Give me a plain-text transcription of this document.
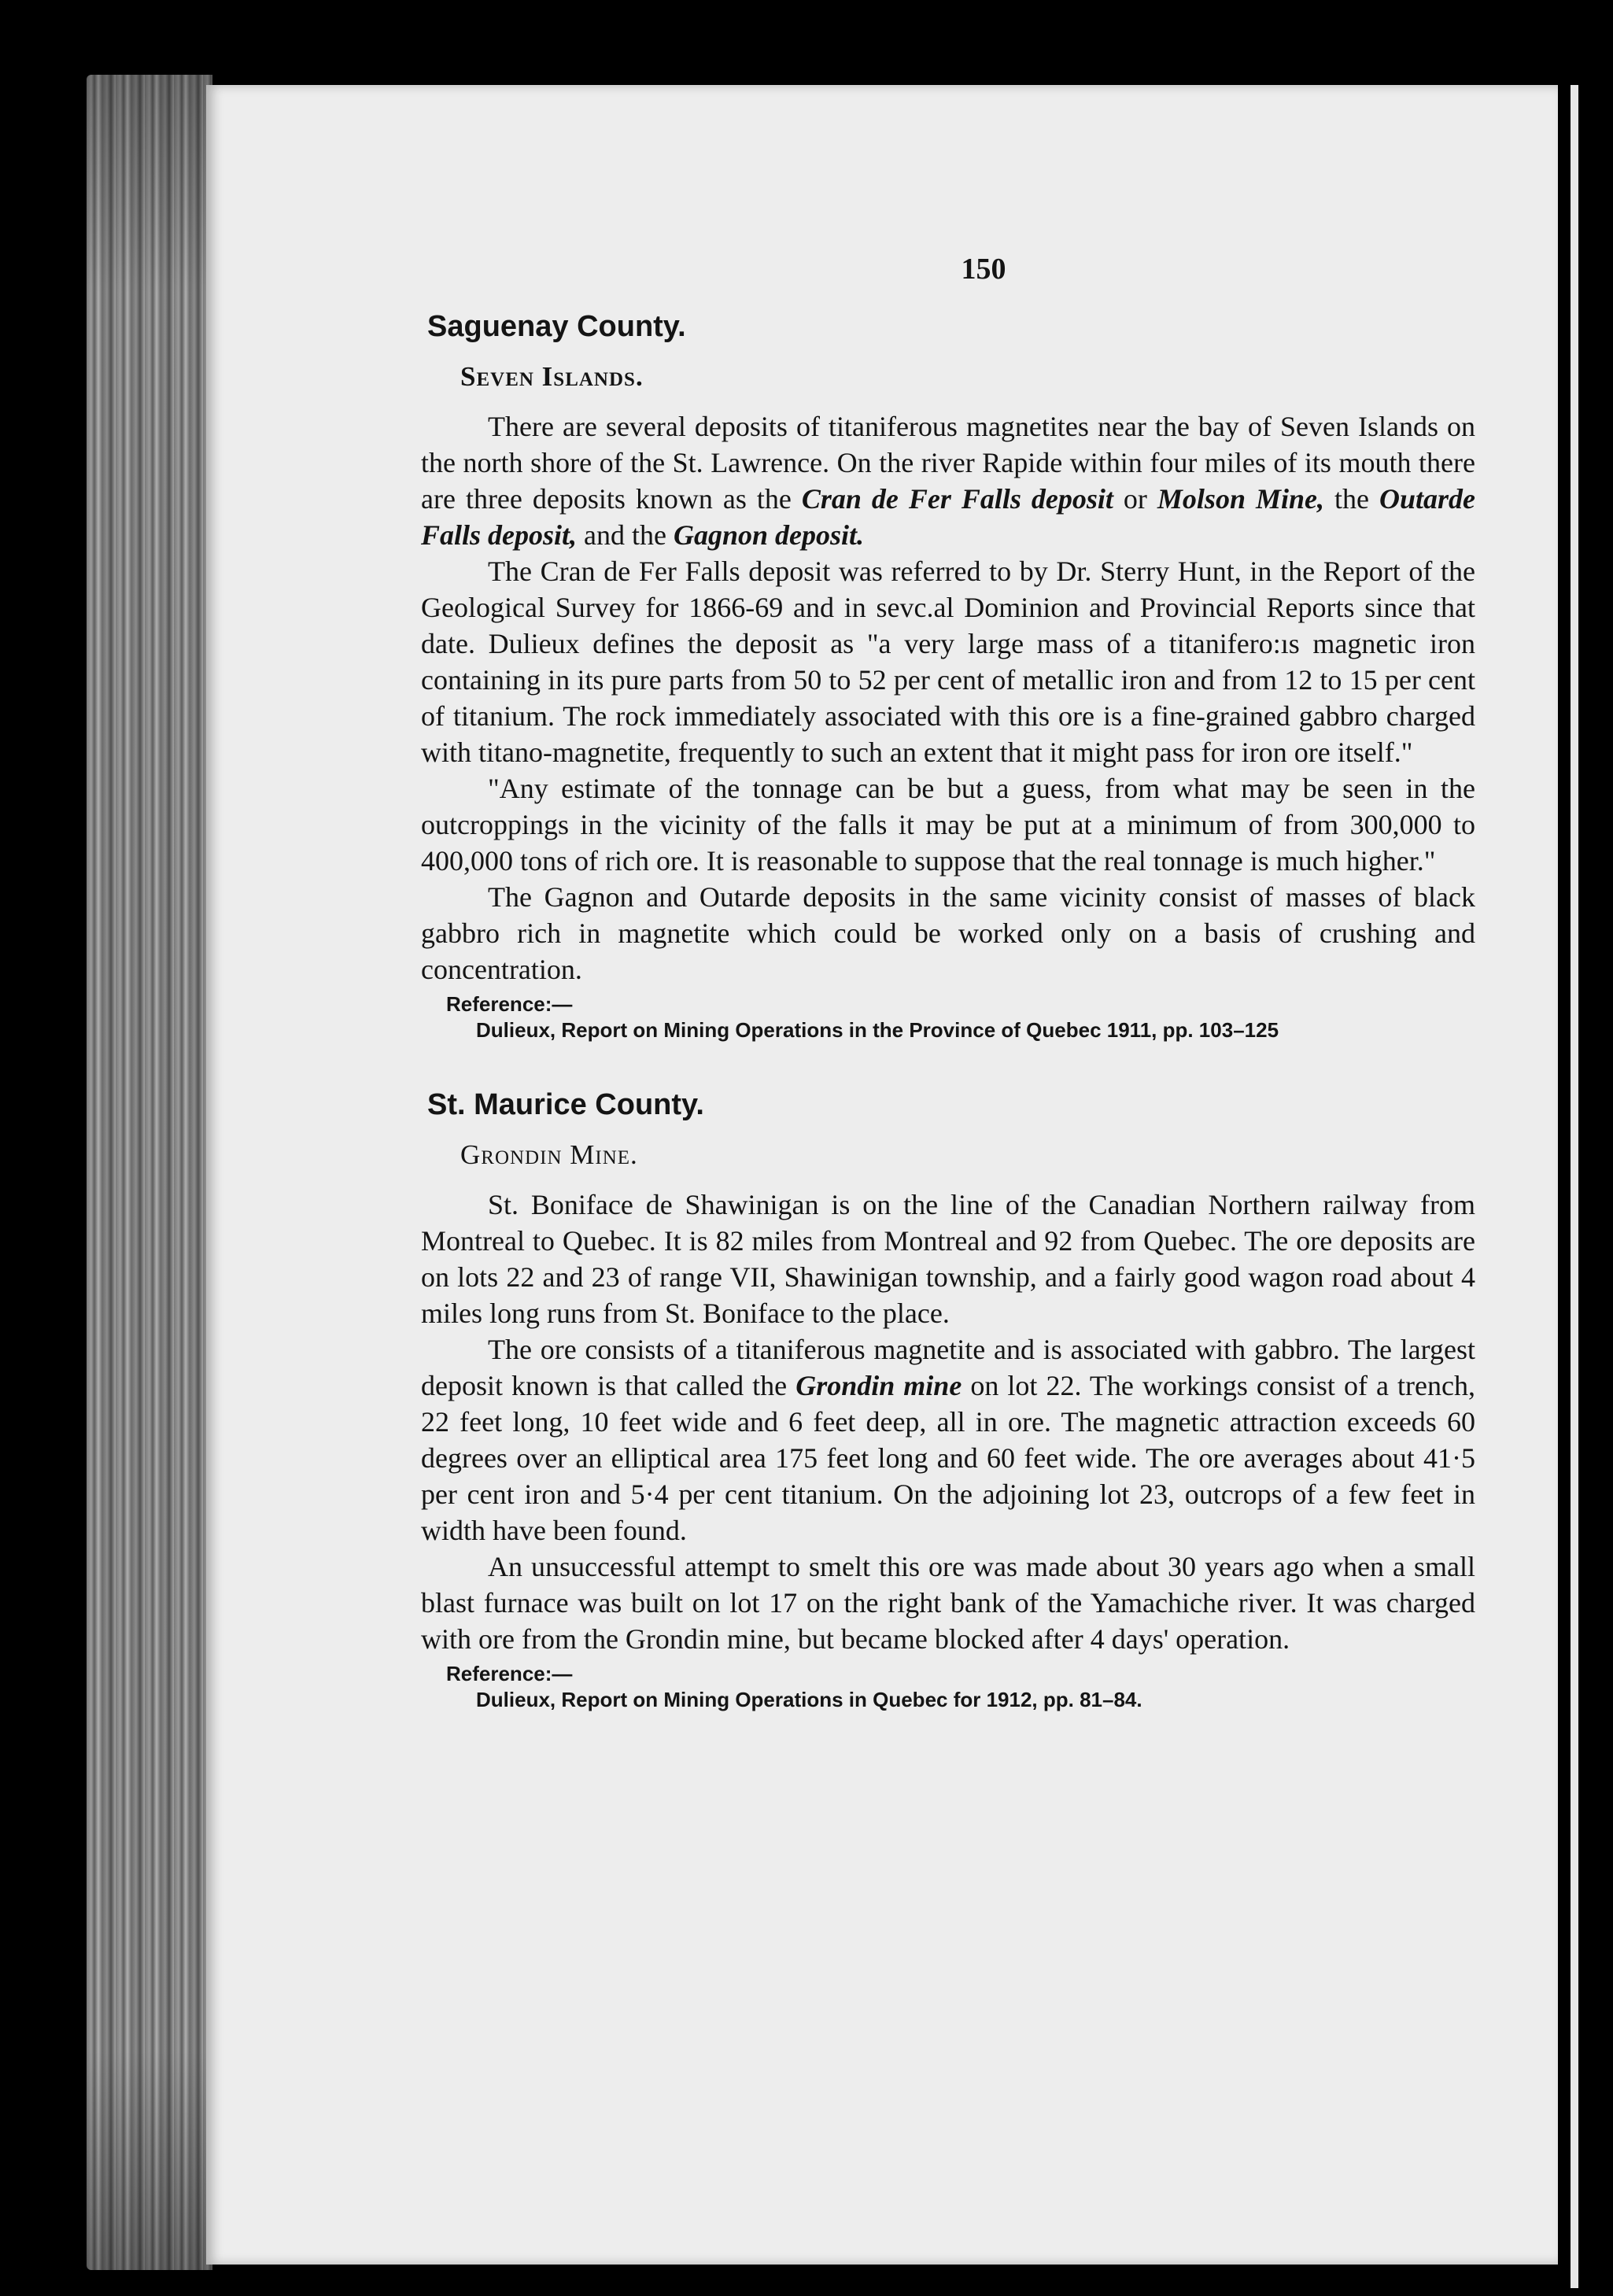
150
Saguenay County.
Seven Islands.

There are several deposits of titaniferous magnetites near the bay of Seven Islands on the north shore of the St. Lawrence. On the river Rapide within four miles of its mouth there are three deposits known as the Cran de Fer Falls deposit or Molson Mine, the Outarde Falls deposit, and the Gagnon deposit.

The Cran de Fer Falls deposit was referred to by Dr. Sterry Hunt, in the Report of the Geological Survey for 1866-69 and in sevc.al Dominion and Provincial Reports since that date. Dulieux defines the deposit as "a very large mass of a titanifero:ıs magnetic iron containing in its pure parts from 50 to 52 per cent of metallic iron and from 12 to 15 per cent of titanium. The rock immediately associated with this ore is a fine-grained gabbro charged with titano-magnetite, frequently to such an extent that it might pass for iron ore itself."

"Any estimate of the tonnage can be but a guess, from what may be seen in the outcroppings in the vicinity of the falls it may be put at a minimum of from 300,000 to 400,000 tons of rich ore. It is reasonable to suppose that the real tonnage is much higher."

The Gagnon and Outarde deposits in the same vicinity consist of masses of black gabbro rich in magnetite which could be worked only on a basis of crushing and concentration.

Reference:—
Dulieux, Report on Mining Operations in the Province of Quebec 1911, pp. 103–125
St. Maurice County.
Grondin Mine.

St. Boniface de Shawinigan is on the line of the Canadian Northern railway from Montreal to Quebec. It is 82 miles from Montreal and 92 from Quebec. The ore deposits are on lots 22 and 23 of range VII, Shawinigan township, and a fairly good wagon road about 4 miles long runs from St. Boniface to the place.

The ore consists of a titaniferous magnetite and is associated with gabbro. The largest deposit known is that called the Grondin mine on lot 22. The workings consist of a trench, 22 feet long, 10 feet wide and 6 feet deep, all in ore. The magnetic attraction exceeds 60 degrees over an elliptical area 175 feet long and 60 feet wide. The ore averages about 41·5 per cent iron and 5·4 per cent titanium. On the adjoining lot 23, outcrops of a few feet in width have been found.

An unsuccessful attempt to smelt this ore was made about 30 years ago when a small blast furnace was built on lot 17 on the right bank of the Yamachiche river. It was charged with ore from the Grondin mine, but became blocked after 4 days' operation.

Reference:—
Dulieux, Report on Mining Operations in Quebec for 1912, pp. 81–84.
